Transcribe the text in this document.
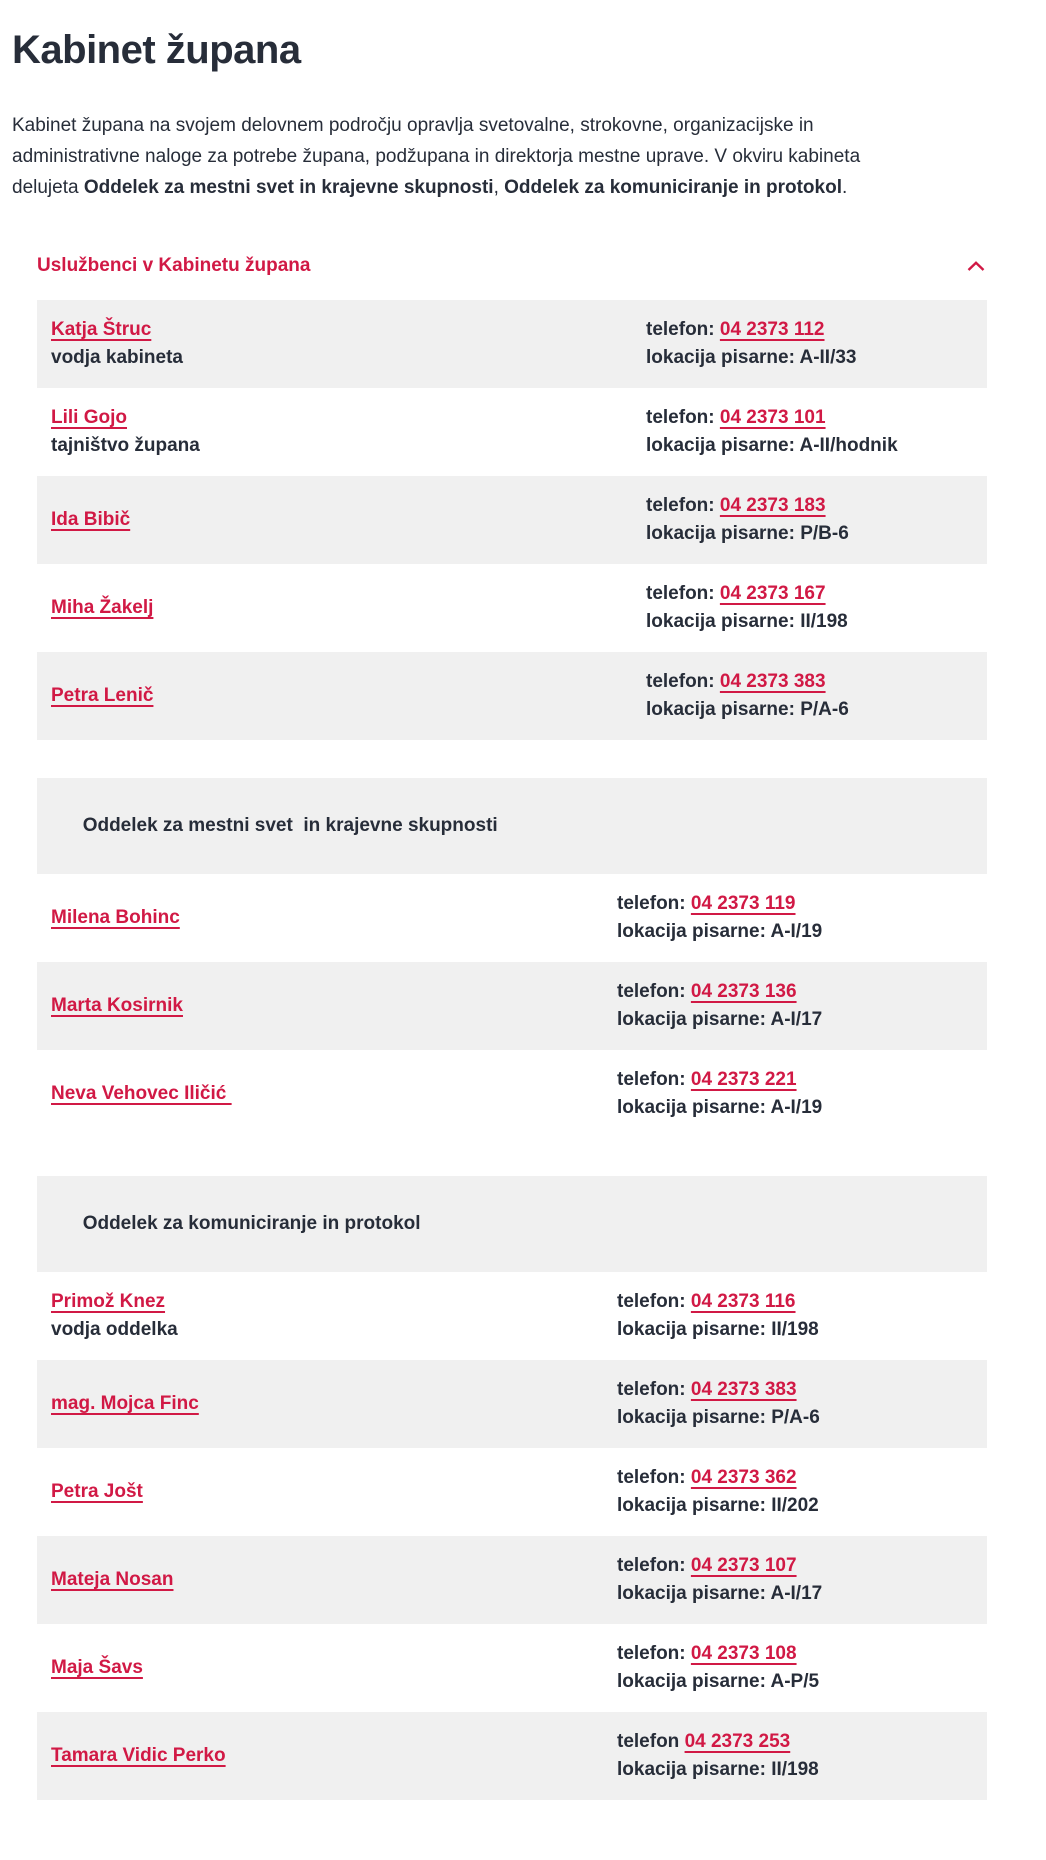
Kabinet župana

Kabinet župana na svojem delovnem področju opravlja svetovalne, strokovne, organizacijske in administrativne naloge za potrebe župana, podžupana in direktorja mestne uprave. V okviru kabineta delujeta Oddelek za mestni svet in krajevne skupnosti, Oddelek za komuniciranje in protokol.

Uslužbenci v Kabinetu župana
Katja Štruc
vodja kabineta
telefon: 04 2373 112
lokacija pisarne: A-II/33
Lili Gojo
tajništvo župana
telefon: 04 2373 101
lokacija pisarne: A-II/hodnik
Ida Bibič
telefon: 04 2373 183
lokacija pisarne: P/B-6
Miha Žakelj
telefon: 04 2373 167
lokacija pisarne: II/198
Petra Lenič
telefon: 04 2373 383
lokacija pisarne: P/A-6

Oddelek za mestni svet  in krajevne skupnosti

Milena Bohinc
telefon: 04 2373 119
lokacija pisarne: A-I/19
Marta Kosirnik
telefon: 04 2373 136
lokacija pisarne: A-I/17
Neva Vehovec Iličić
telefon: 04 2373 221
lokacija pisarne: A-I/19

Oddelek za komuniciranje in protokol

Primož Knez
vodja oddelka
telefon: 04 2373 116
lokacija pisarne: II/198
mag. Mojca Finc
telefon: 04 2373 383
lokacija pisarne: P/A-6
Petra Jošt
telefon: 04 2373 362
lokacija pisarne: II/202
Mateja Nosan
telefon: 04 2373 107
lokacija pisarne: A-I/17
Maja Šavs
telefon: 04 2373 108
lokacija pisarne: A-P/5
Tamara Vidic Perko
telefon 04 2373 253
lokacija pisarne: II/198
